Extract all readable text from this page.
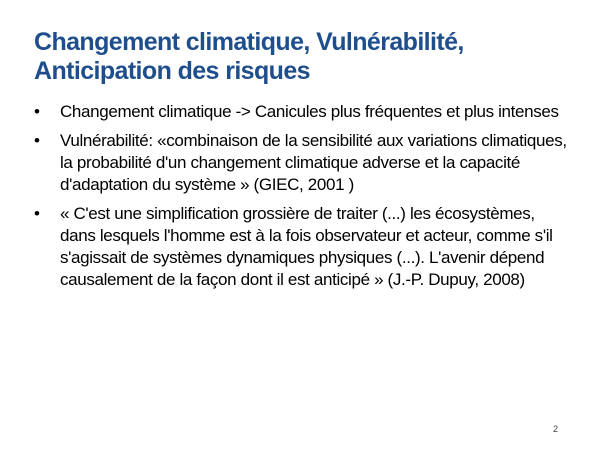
Changement climatique, Vulnérabilité, Anticipation des risques
•	Changement climatique -> Canicules plus fréquentes et plus intenses
•	Vulnérabilité: «combinaison de la sensibilité aux variations climatiques, la probabilité d'un changement climatique adverse et la capacité d'adaptation du système » (GIEC, 2001 )
•	« C'est une simplification grossière de traiter (...) les écosystèmes, dans lesquels l'homme est à la fois observateur et acteur, comme s'il s'agissait de systèmes dynamiques physiques (...). L'avenir dépend causalement de la façon dont il est anticipé » (J.-P. Dupuy, 2008)
2
